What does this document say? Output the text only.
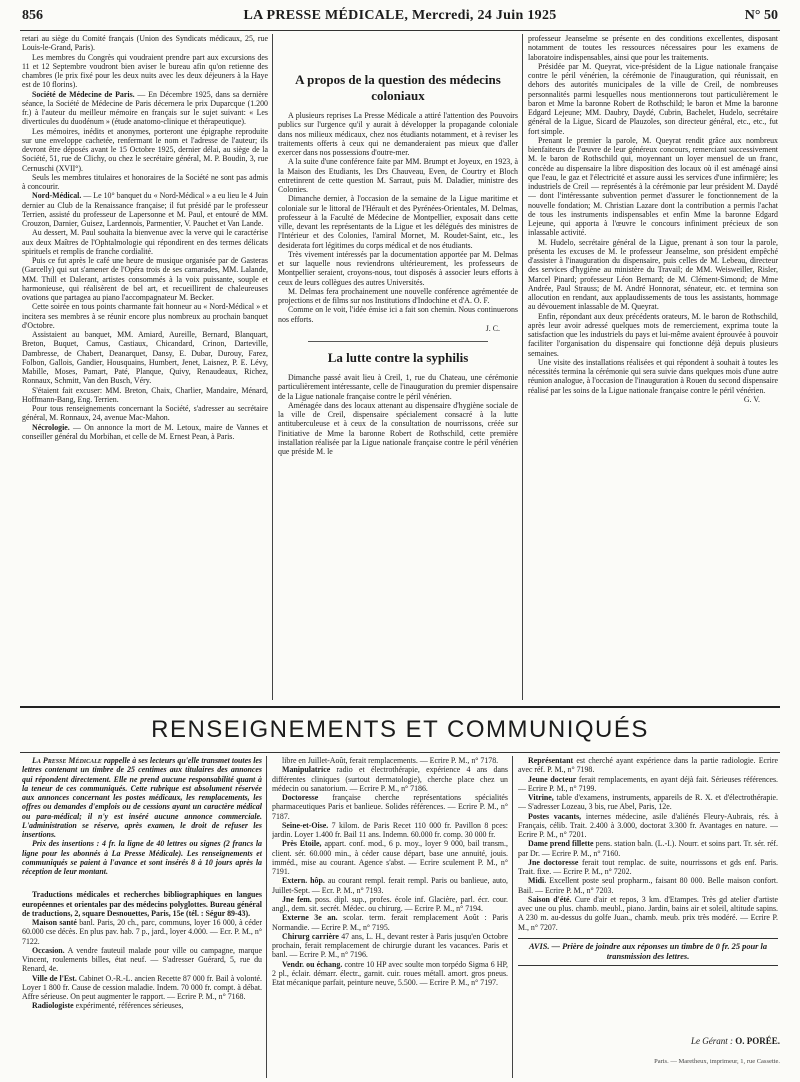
856	LA PRESSE MÉDICALE, Mercredi, 24 Juin 1925	N° 50

retari au siège du Comité français (Union des Syndicats médicaux, 25, rue Louis-le-Grand, Paris).

Les membres du Congrès qui voudraient prendre part aux excursions des 11 et 12 Septembre voudront bien aviser le bureau afin qu'on retienne des chambres (le prix fixé pour les deux nuits avec les deux déjeuners à la Haye est de 10 florins).

Société de Médecine de Paris. — En Décembre 1925, dans sa dernière séance, la Société de Médecine de Paris décernera le prix Duparcque (1.200 fr.) à l'auteur du meilleur mémoire en français sur le sujet suivant: « Les diverticules du duodénum » (étude anatomo-clinique et thérapeutique).

Les mémoires, inédits et anonymes, porteront une épigraphe reproduite sur une enveloppe cachetée, renfermant le nom et l'adresse de l'auteur; ils devront être déposés avant le 15 Octobre 1925, dernier délai, au siège de la Société, 51, rue de Clichy, ou chez le secrétaire général, M. P. Boudin, 3, rue Cernuschi (XVII°).

Seuls les membres titulaires et honoraires de la Société ne sont pas admis à concourir.

Nord-Médical. — Le 10° banquet du « Nord-Médical » a eu lieu le 4 Juin dernier au Club de la Renaissance française; il fut présidé par le professeur Terrien, assisté du professeur de Lapersonne et M. Paul, et entouré de MM. Crouzon, Darnier, Guisez, Lardennois, Parmentier, V. Pauchet et Van Lande.

Au dessert, M. Paul souhaita la bienvenue avec la verve qui le caractérise aux deux Maîtres de l'Ophtalmologie qui répondirent en des termes délicats spirituels et remplis de franche cordialité.

Puis ce fut après le café une heure de musique organisée par de Gasteras (Garcelly) qui sut s'amener de l'Opéra trois de ses camarades, MM. Lalande, MM. Thill et Dalerant, artistes consommés à la voix puissante, souple et harmonieuse, qui réalisèrent de bel art, et recueillirent de chaleureuses ovations que partagea au piano l'accompagnateur M. Becker.

Cette soirée en tous points charmante fait honneur au « Nord-Médical » et incitera ses membres à se réunir encore plus nombreux au prochain banquet d'Octobre.

Assistaient au banquet, MM. Amiard, Aureille, Bernard, Blanquart, Breton, Buquet, Camus, Castiaux, Chicandard, Crinon, Darteville, Dambresse, de Chabert, Deanarquet, Dansy, E. Dubar, Durouy, Farez, Folbon, Gallois, Gandier, Housquains, Humbert, Jenet, Laisnez, P. E. Lévy, Mabille, Moses, Pamart, Paté, Planque, Quivy, Renaudeaux, Richez, Ronnaux, Schmitt, Van den Busch, Véry.

S'étaient fait excuser: MM. Breton, Chaix, Charlier, Mandaire, Ménard, Hoffmann-Bang, Eng. Terrien.

Pour tous renseignements concernant la Société, s'adresser au secrétaire général, M. Ronnaux, 24, avenue Mac-Mahon.

Nécrologie. — On annonce la mort de M. Letoux, maire de Vannes et conseiller général du Morbihan, et celle de M. Ernest Pean, à Paris.

A propos de la question des médecins coloniaux

A plusieurs reprises La Presse Médicale a attiré l'attention des Pouvoirs publics sur l'urgence qu'il y aurait à développer la propagande coloniale dans nos milieux médicaux, chez nos étudiants notamment, et à reviser les traitements offerts à ceux qui ne demanderaient pas mieux que d'aller exercer dans nos possessions d'outre-mer.

A la suite d'une conférence faite par MM. Brumpt et Joyeux, en 1923, à la Maison des Etudiants, les Drs Chauveau, Even, de Courtry et Bloch entretinrent de cette question M. Sarraut, puis M. Daladier, ministre des Colonies.

Dimanche dernier, à l'occasion de la semaine de la Ligue maritime et coloniale sur le littoral de l'Hérault et des Pyrénées-Orientales, M. Delmas, professeur à la Faculté de Médecine de Montpellier, exposait dans cette ville, devant les représentants de la Ligue et les délégués des ministres de l'Intérieur et des Colonies, l'amiral Mornet, M. Roudet-Saint, etc., les desiderata fort légitimes du corps médical et de nos étudiants.

Très vivement intéressés par la documentation apportée par M. Delmas et sur laquelle nous reviendrons ultérieurement, les professeurs de Montpellier seraient, croyons-nous, tout disposés à associer leurs efforts à ceux de leurs collègues des autres Universités.

M. Delmas fera prochainement une nouvelle conférence agrémentée de projections et de films sur nos Institutions d'Indochine et d'A. O. F.

Comme on le voit, l'idée émise ici a fait son chemin. Nous continuerons nos efforts.

J. C.
La lutte contre la syphilis

Dimanche passé avait lieu à Creil, 1, rue du Chateau, une cérémonie particulièrement intéressante, celle de l'inauguration du premier dispensaire de la Ligue nationale française contre le péril vénérien.

Aménagée dans des locaux attenant au dispensaire d'hygiène sociale de la ville de Creil, dispensaire spécialement consacré à la lutte antituberculeuse et à ceux de la consultation de nourrissons, créée sur l'initiative de Mme la baronne Robert de Rothschild, cette première installation réalisée par la Ligue nationale française contre le péril vénérien que préside M. le

professeur Jeanselme se présente en des conditions excellentes, disposant notamment de toutes les ressources nécessaires pour les examens de laboratoire indispensables, ainsi que pour les traitements.

Présidée par M. Queyrat, vice-président de la Ligue nationale française contre le péril vénérien, la cérémonie de l'inauguration, qui réunissait, en dehors des autorités municipales de la ville de Creil, de nombreuses personnalités parmi lesquelles nous mentionnerons tout particulièrement le baron et Mme la baronne Robert de Rothschild; le baron et Mme la baronne Edgard Lejeune; MM. Daubry, Daydé, Cubrin, Bachelet, Hudelo, secrétaire général de la Ligue, Sicard de Plauzoles, son directeur général, etc., etc., fut fort simple.

Prenant le premier la parole, M. Queyrat rendit grâce aux nombreux bienfaiteurs de l'œuvre de leur généreux concours, remerciant successivement M. le baron de Rothschild qui, moyennant un loyer mensuel de un franc, concède au dispensaire la libre disposition des locaux où il est aménagé ainsi que l'eau, le gaz et l'électricité et assure aussi les services d'une infirmière; les industriels de Creil — représentés à la cérémonie par leur président M. Daydé — dont l'intéressante subvention permet d'assurer le fonctionnement de la nouvelle fondation; M. Christian Lazare dont la contribution a permis l'achat de tous les instruments indispensables et enfin Mme la baronne Edgard Lejeune, qui apporta à l'œuvre le concours infiniment précieux de son inlassable activité.

M. Hudelo, secrétaire général de la Ligue, prenant à son tour la parole, présenta les excuses de M. le professeur Jeanselme, son président empêché d'assister à l'inauguration du dispensaire, puis celles de M. Lebeau, directeur des services d'hygiène au ministère du Travail; de MM. Weisweiller, Risler, Marcel Pinard; professeur Léon Bernard; de M. Clément-Simond; de Mme Andrée, Paul Strauss; de M. André Honnorat, sénateur, etc. et termina son allocution en rendant, aux applaudissements de tous les assistants, hommage au dévouement inlassable de M. Queyrat.

Enfin, répondant aux deux précédents orateurs, M. le baron de Rothschild, après leur avoir adressé quelques mots de remerciement, exprima toute la satisfaction que les industriels du pays et lui-même avaient éprouvée à pouvoir faciliter l'organisation du dispensaire qui fonctionne déjà depuis plusieurs semaines.

Une visite des installations réalisées et qui répondent à souhait à toutes les nécessités termina la cérémonie qui sera suivie dans quelques mois d'une autre réunion analogue, à l'occasion de l'inauguration à Rouen du second dispensaire réalisé par les soins de la Ligue nationale française contre le péril vénérien.

G. V.
RENSEIGNEMENTS ET COMMUNIQUÉS

La Presse Médicale rappelle à ses lecteurs qu'elle transmet toutes les lettres contenant un timbre de 25 centimes aux titulaires des annonces qui répondent directement. Elle ne prend aucune responsabilité quant à la teneur de ces communiqués. Cette rubrique est absolument réservée aux annonces concernant les postes médicaux, les remplacements, les offres ou demandes d'emplois ou de cessions ayant un caractère médical ou para-médical; il n'y est inséré aucune annonce commerciale. L'administration se réserve, après examen, le droit de refuser les insertions.

Prix des insertions : 4 fr. la ligne de 40 lettres ou signes (2 francs la ligne pour les abonnés à La Presse Médicale). Les renseignements et communiqués se paient à l'avance et sont insérés 8 à 10 jours après la réception de leur montant.

Traductions médicales et recherches bibliographiques en langues européennes et orientales par des médecins polyglottes. Bureau général de traductions, 2, square Desnouettes, Paris, 15e (tél. : Ségur 89-43).

Maison santé banl. Paris, 20 ch., parc, communs, loyer 16 000, à céder 60.000 cse décès. En plus pav. hab. 7 p., jard., loyer 4.000. — Ecr. P. M., n° 7122.

Occasion. A vendre fauteuil malade pour ville ou campagne, marque Vincent, roulements billes, état neuf. — S'adresser Guérard, 5, rue du Renard, 4e.

Ville de l'Est. Cabinet O.-R.-L. ancien Recette 87 000 fr. Bail à volonté. Loyer 1 800 fr. Cause de cession maladie. Indem. 70 000 fr. compt. à débat. Affre sérieuse. On peut augmenter le rapport. — Ecrire P. M., n° 7168.

Radiologiste expérimenté, références sérieuses,

libre en Juillet-Août, ferait remplacements. — Ecrire P. M., n° 7178.

Manipulatrice radio et électrothérapie, expérience 4 ans dans différentes cliniques (surtout dermatologie), cherche place chez un médecin ou sanatorium. — Ecrire P. M., n° 7186.

Doctoresse française cherche représentations spécialités pharmaceutiques Paris et banlieue. Solides références. — Ecrire P. M., n° 7187.

Seine-et-Oise. 7 kilom. de Paris Recet 110 000 fr. Pavillon 8 pces: jardin. Loyer 1.400 fr. Bail 11 ans. Indemn. 60.000 fr. comp. 30 000 fr.

Près Etoile, appart. conf. mod., 6 p. moy., loyer 9 000, bail transm., client. sér. 60.000 min., à céder cause départ, base une annuité, jouis. imméd., mise au courant. Agence s'abst. — Ecrire sculement P. M., n° 7191.

Extern. hôp. au courant rempl. ferait rempl. Paris ou banlieue, auto, Juillet-Sept. — Ecr. P. M., n° 7193.

Jne fem. poss. dipl. sup., profes. école inf. Glacière, parl. écr. cour. angl., dem. sit. secrét. Médec. ou chirurg. — Ecrire P. M., n° 7194.

Externe 3e an. scolar. term. ferait remplacement Août : Paris Normandie. — Ecrire P. M., n° 7195.

Chirurg carrière 47 ans, L. H., devant rester à Paris jusqu'en Octobre prochain, ferait remplacement de chirurgie durant les vacances. Paris et banl. — Ecrire P. M., n° 7196.

Vendr. ou échang. contre 10 HP avec soulte mon torpédo Sigma 6 HP, 2 pl., éclair. démarr. électr., garnit. cuir. roues métall. amort. gros pneus. Etat mécanique parfait, peinture neuve, 5.500. — Ecrire P. M., n° 7197.

Représentant est cherché ayant expérience dans la partie radiologie. Ecrire avec réf. P. M., n° 7198.

Jeune docteur ferait remplacements, en ayant déjà fait. Sérieuses références. — Ecrire P. M., n° 7199.

Vitrine, table d'examens, instruments, appareils de R. X. et d'électrothérapie. — S'adresser Lozeau, 3 bis, rue Abel, Paris, 12e.

Postes vacants, internes médecine, asile d'aliénés Fleury-Aubrais, rés. à Français, célib. Trait. 2.400 à 3.000, doctorat 3.300 fr. Avantages en nature. — Ecrire P. M., n° 7201.

Dame prend fillette pens. station baln. (L.-I.). Nourr. et soins part. Tr. sér. réf. par Dr. — Ecrire P. M., n° 7160.

Jne doctoresse ferait tout remplac. de suite, nourrissons et gds enf. Paris. Trait. fixe. — Ecrire P. M., n° 7202.

Midi. Excellent poste seul propharm., faisant 80 000. Belle maison confort. Bail. — Ecrire P. M., n° 7203.

Saison d'été. Cure d'air et repos, 3 km. d'Etampes. Très gd atelier d'artiste avec une ou plus. chamb. meubl., piano. Jardin, bains air et soleil, altitude sapins. A 230 m. au-dessus du golfe Juan., chamb. meub. prix très modéré. — Ecrire P. M., n° 7207.

AVIS. — Prière de joindre aux réponses un timbre de 0 fr. 25 pour la transmission des lettres.
Le Gérant : O. PORÉE.
Paris. — Maretheux, imprimeur, 1, rue Cassette.
